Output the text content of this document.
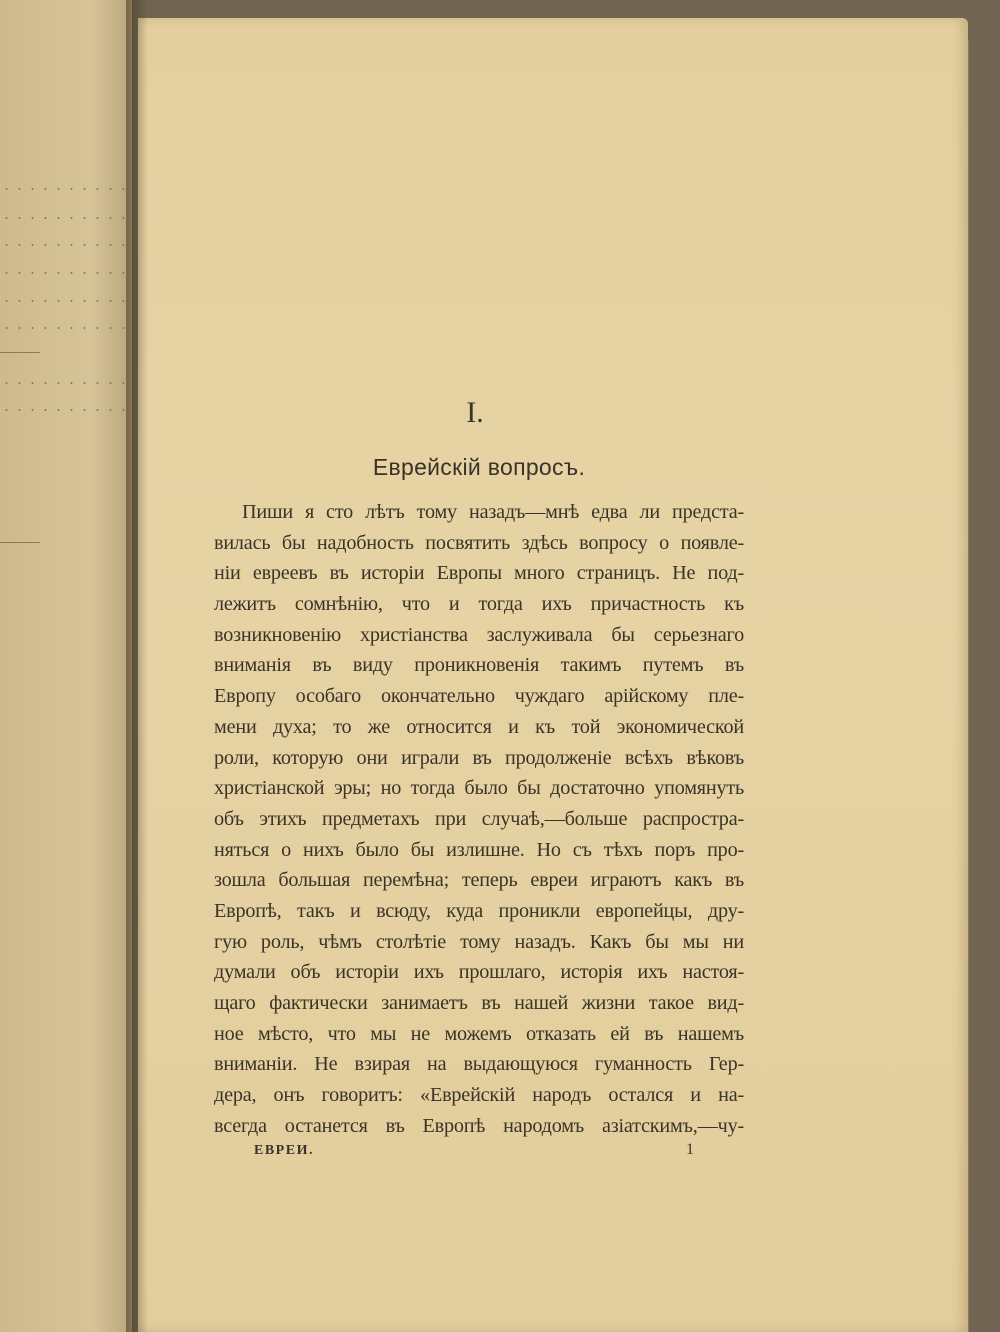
I.
Еврейскій вопросъ.
Пиши я сто лѣтъ тому назадъ—мнѣ едва ли предста-
вилась бы надобность посвятить здѣсь вопросу о появле-
ніи евреевъ въ исторіи Европы много страницъ. Не под-
лежитъ сомнѣнію, что и тогда ихъ причастность къ
возникновенію христіанства заслуживала бы серьезнаго
вниманія въ виду проникновенія такимъ путемъ въ
Европу особаго окончательно чуждаго арійскому пле-
мени духа; то же относится и къ той экономической
роли, которую они играли въ продолженіе всѣхъ вѣковъ
христіанской эры; но тогда было бы достаточно упомянуть
объ этихъ предметахъ при случаѣ,—больше распростра-
няться о нихъ было бы излишне. Но съ тѣхъ поръ про-
зошла большая перемѣна; теперь евреи играютъ какъ въ
Европѣ, такъ и всюду, куда проникли европейцы, дру-
гую роль, чѣмъ столѣтіе тому назадъ. Какъ бы мы ни
думали объ исторіи ихъ прошлаго, исторія ихъ настоя-
щаго фактически занимаетъ въ нашей жизни такое вид-
ное мѣсто, что мы не можемъ отказать ей въ нашемъ
вниманіи. Не взирая на выдающуюся гуманность Гер-
дера, онъ говоритъ: «Еврейскій народъ остался и на-
всегда останется въ Европѣ народомъ азіатскимъ,—чу-
ЕВРЕИ.	1
